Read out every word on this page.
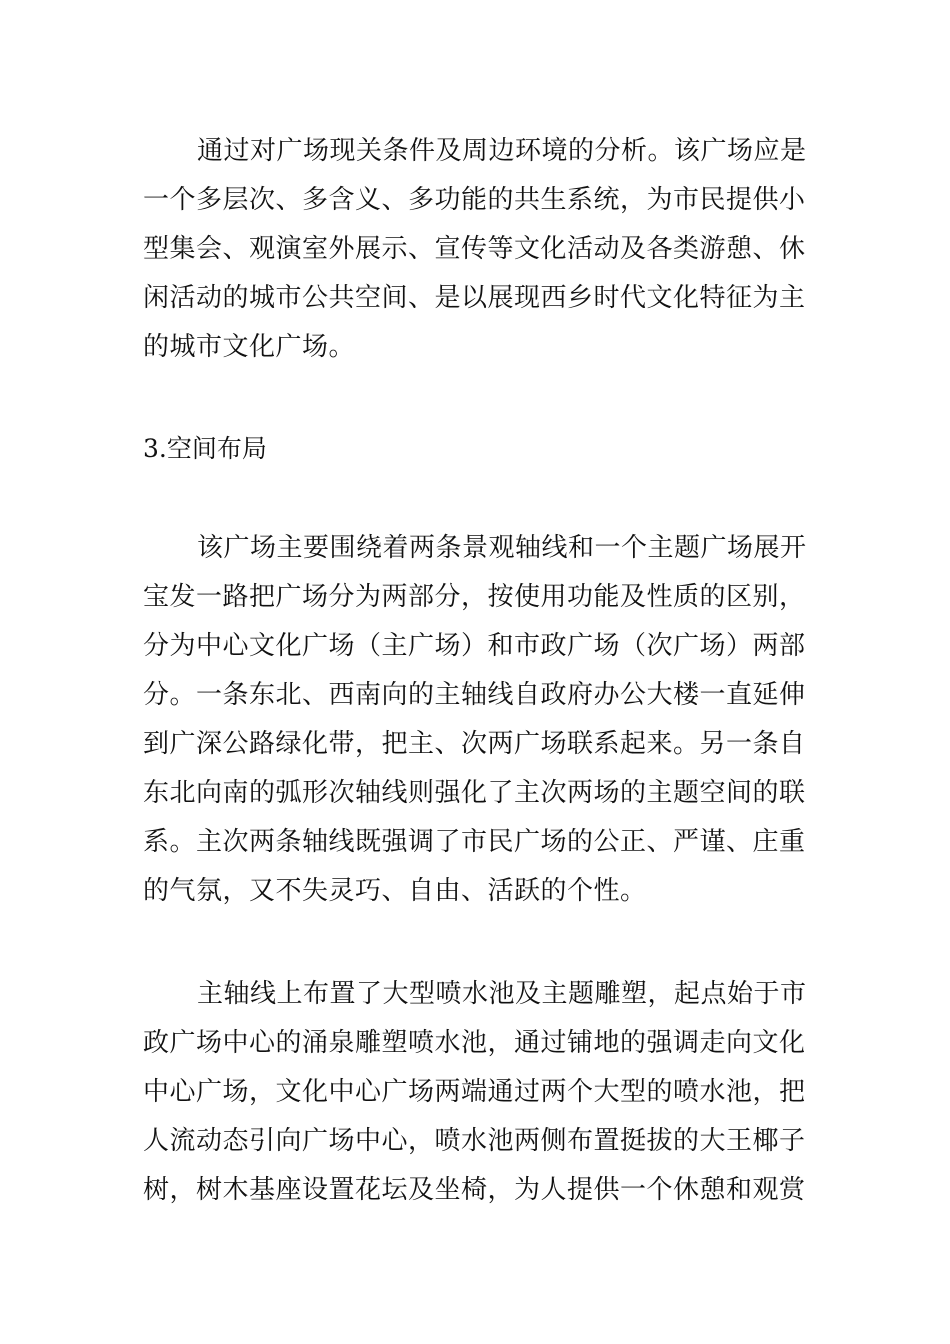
通过对广场现关条件及周边环境的分析。该广场应是
一个多层次、多含义、多功能的共生系统，为市民提供小
型集会、观演室外展示、宣传等文化活动及各类游憩、休
闲活动的城市公共空间、是以展现西乡时代文化特征为主
的城市文化广场。
3.空间布局
该广场主要围绕着两条景观轴线和一个主题广场展开
宝发一路把广场分为两部分，按使用功能及性质的区别，
分为中心文化广场（主广场）和市政广场（次广场）两部
分。一条东北、西南向的主轴线自政府办公大楼一直延伸
到广深公路绿化带，把主、次两广场联系起来。另一条自
东北向南的弧形次轴线则强化了主次两场的主题空间的联
系。主次两条轴线既强调了市民广场的公正、严谨、庄重
的气氛，又不失灵巧、自由、活跃的个性。
主轴线上布置了大型喷水池及主题雕塑，起点始于市
政广场中心的涌泉雕塑喷水池，通过铺地的强调走向文化
中心广场，文化中心广场两端通过两个大型的喷水池，把
人流动态引向广场中心，喷水池两侧布置挺拔的大王椰子
树，树木基座设置花坛及坐椅，为人提供一个休憩和观赏
